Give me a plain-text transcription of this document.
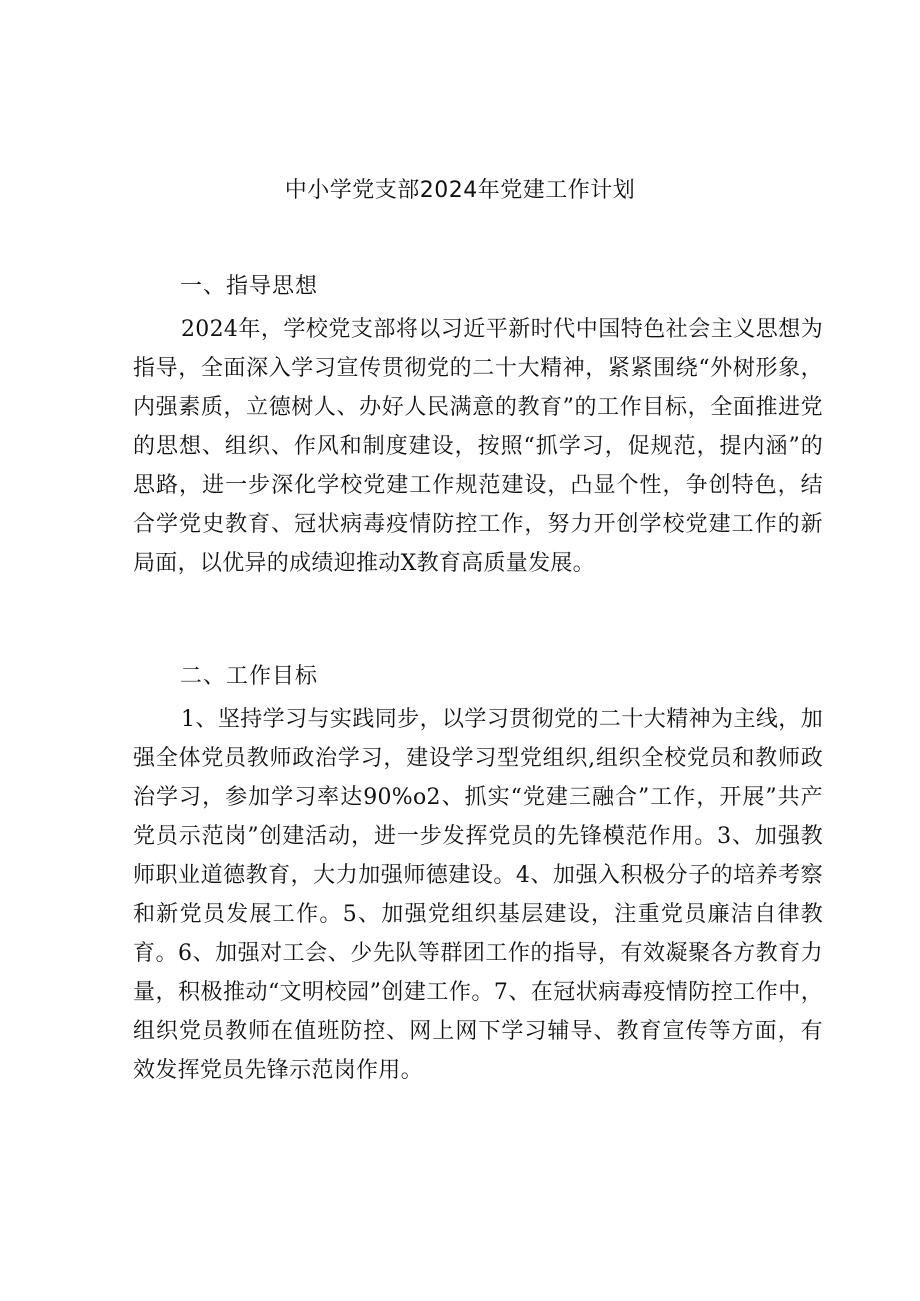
中小学党支部2024年党建工作计划
一、指导思想

2024年，学校党支部将以习近平新时代中国特色社会主义思想为指导，全面深入学习宣传贯彻党的二十大精神，紧紧围绕“外树形象，内强素质，立德树人、办好人民满意的教育”的工作目标，全面推进党的思想、组织、作风和制度建设，按照“抓学习，促规范，提内涵”的思路，进一步深化学校党建工作规范建设，凸显个性，争创特色，结合学党史教育、冠状病毒疫情防控工作，努力开创学校党建工作的新局面，以优异的成绩迎推动X教育高质量发展。

二、工作目标

1、坚持学习与实践同步，以学习贯彻党的二十大精神为主线，加强全体党员教师政治学习，建设学习型党组织,组织全校党员和教师政治学习，参加学习率达90%o2、抓实“党建三融合”工作，开展”共产党员示范岗”创建活动，进一步发挥党员的先锋模范作用。3、加强教师职业道德教育，大力加强师德建设。4、加强入积极分子的培养考察和新党员发展工作。5、加强党组织基层建设，注重党员廉洁自律教育。6、加强对工会、少先队等群团工作的指导，有效凝聚各方教育力量，积极推动“文明校园”创建工作。7、在冠状病毒疫情防控工作中，组织党员教师在值班防控、网上网下学习辅导、教育宣传等方面，有效发挥党员先锋示范岗作用。
